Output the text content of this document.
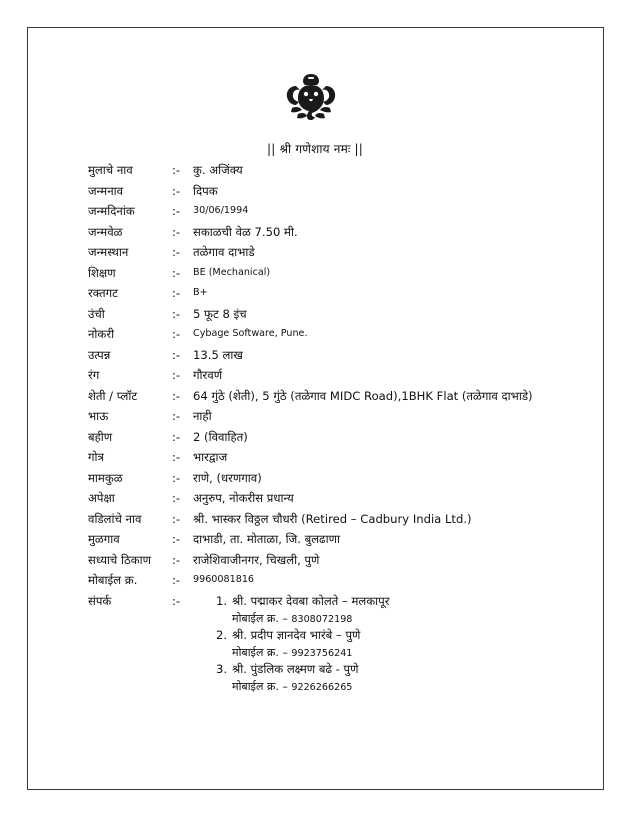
|| श्री गणेशाय नमः ||
मुलाचे नाव	:- कु. अजिंक्य
जन्मनाव	:- दिपक
जन्मदिनांक	:- 30/06/1994
जन्मवेळ	:- सकाळची वेळ 7.50 मी.
जन्मस्थान	:- तळेगाव दाभाडे
शिक्षण	:- BE (Mechanical)
रक्तगट	:- B+
उंची	:- 5 फूट 8 इंच
नोकरी	:- Cybage Software, Pune.
उत्पन्न	:- 13.5 लाख
रंग	:- गौरवर्ण
शेती / प्लॉट	:- 64 गुंठे (शेती), 5 गुंठे (तळेगाव MIDC Road),1BHK Flat (तळेगाव दाभाडे)
भाऊ	:- नाही
बहीण	:- 2 (विवाहित)
गोत्र	:- भारद्वाज
मामकुळ	:- राणे, (धरणगाव)
अपेक्षा	:- अनुरुप, नोकरीस प्रधान्य
वडिलांचे नाव	:- श्री. भास्कर विठ्ठल चौधरी (Retired – Cadbury India Ltd.)
मुळगाव	:- दाभाडी, ता. मोताळा, जि. बुलढाणा
सध्याचे ठिकाण :- राजेशिवाजीनगर, चिखली, पुणे
मोबाईल क्र.	:- 9960081816
संपर्क	:-	1. श्री. पद्माकर देवबा कोलते – मलकापूर
मोबाईल क्र. – 8308072198
2. श्री. प्रदीप ज्ञानदेव भारंबे – पुणे
मोबाईल क्र. – 9923756241
3. श्री. पुंडलिक लक्ष्मण बढे - पुणे
मोबाईल क्र. – 9226266265
